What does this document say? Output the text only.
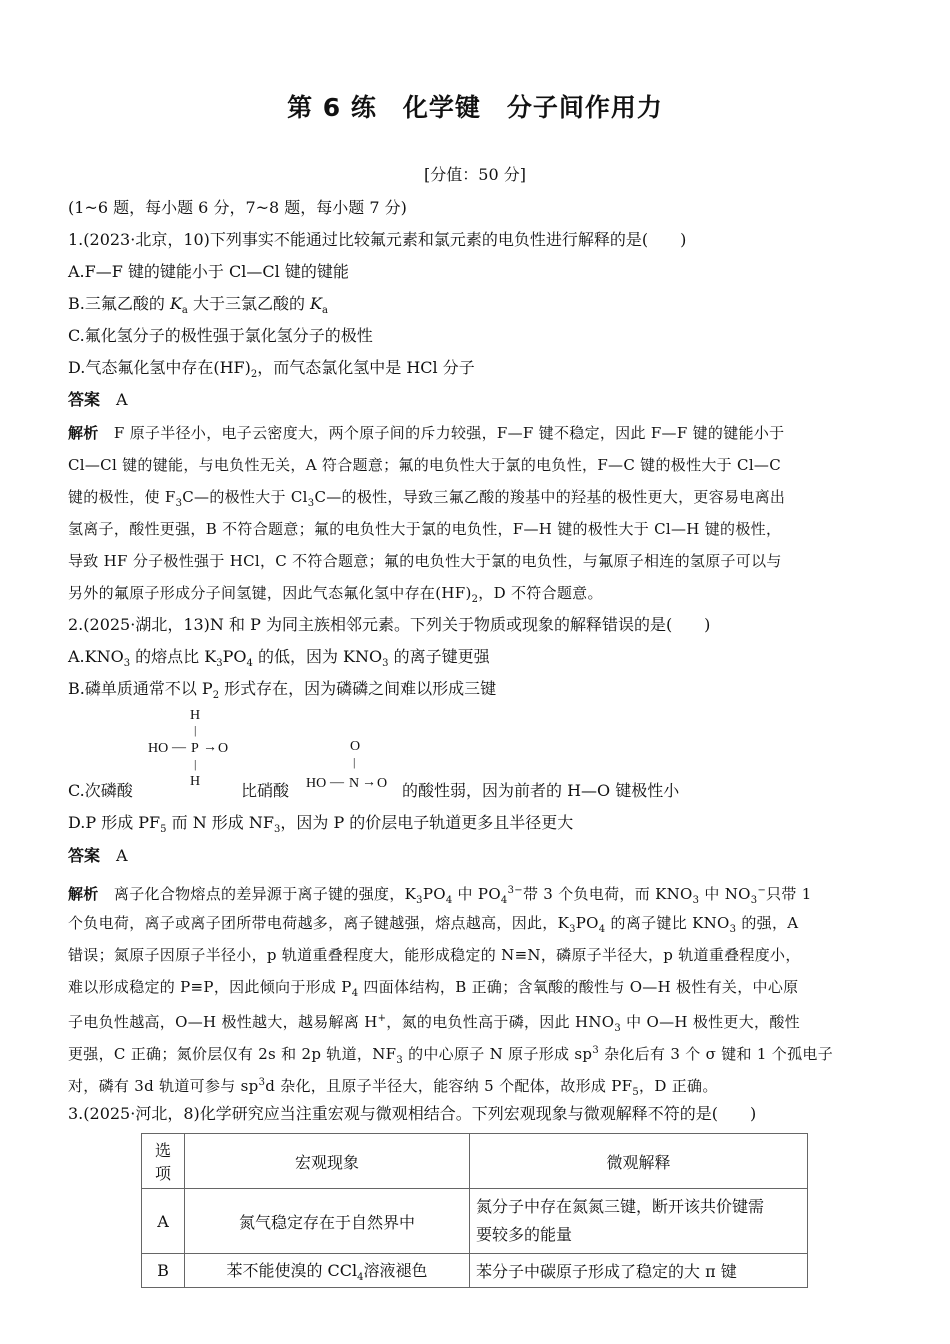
第 6 练　化学键　分子间作用力
[分值：50 分]
(1~6 题，每小题 6 分，7~8 题，每小题 7 分)
1.(2023·北京，10)下列事实不能通过比较氟元素和氯元素的电负性进行解释的是(　　)
A.F—F 键的键能小于 Cl—Cl 键的键能
B.三氟乙酸的 $K_a$ 大于三氯乙酸的 $K_a$
C.氟化氢分子的极性强于氯化氢分子的极性
D.气态氟化氢中存在$(HF)_2$，而气态氯化氢中是 HCl 分子
答案　 A
解析　 F 原子半径小，电子云密度大，两个原子间的斥力较强，F—F 键不稳定，因此 F—F 键的键能小于
Cl—Cl 键的键能，与电负性无关，A 符合题意；氟的电负性大于氯的电负性，F—C 键的极性大于 Cl—C
键的极性，使 $F_3C—$的极性大于 $Cl_3C—$的极性，导致三氟乙酸的羧基中的羟基的极性更大，更容易电离出
氢离子，酸性更强，B 不符合题意；氟的电负性大于氯的电负性，F—H 键的极性大于 Cl—H 键的极性，
导致 HF 分子极性强于 HCl，C 不符合题意；氟的电负性大于氯的电负性，与氟原子相连的氢原子可以与
另外的氟原子形成分子间氢键，因此气态氟化氢中存在$(HF)_2$，D 不符合题意。
2.(2025·湖北，13)N 和 P 为同主族相邻元素。下列关于物质或现象的解释错误的是(　　)
$A.KNO_3$ 的熔点比 $K_3PO_4$ 的低，因为 $KNO_3$ 的离子键更强
B.磷单质通常不以 $P_2$ 形式存在，因为磷磷之间难以形成三键
H
|
HO — P → O
|
H
O
|
HO — N → O
C.次磷酸	比硝酸	的酸性弱，因为前者的 H—O 键极性小
D.P 形成 $PF_5$ 而 N 形成 $NF_3$，因为 P 的价层电子轨道更多且半径更大
答案　 A
解析　 离子化合物熔点的差异源于离子键的强度，$K_3PO_4$ 中 $PO_4^{3-}$带 3 个负电荷，而 $KNO_3$ 中 $NO_3^-$只带 1
个负电荷，离子或离子团所带电荷越多，离子键越强，熔点越高，因此，$K_3PO_4$ 的离子键比 $KNO_3$ 的强，A
错误；氮原子因原子半径小，p 轨道重叠程度大，能形成稳定的 N≡N，磷原子半径大，p 轨道重叠程度小，
难以形成稳定的 P≡P，因此倾向于形成 $P_4$ 四面体结构，B 正确；含氧酸的酸性与 O—H 极性有关，中心原
子电负性越高，O—H 极性越大，越易解离 H+，氮的电负性高于磷，因此 $HNO_3$ 中 O—H 极性更大，酸性
更强，C 正确；氮价层仅有 2s 和 2p 轨道，$NF_3$ 的中心原子 N 原子形成 $sp^3$ 杂化后有 3 个 σ 键和 1 个孤电子
对，磷有 3d 轨道可参与 $sp^3d$ 杂化，且原子半径大，能容纳 5 个配体，故形成 $PF_5$，D 正确。
3.(2025·河北，8)化学研究应当注重宏观与微观相结合。下列宏观现象与微观解释不符的是(　　)
选项	宏观现象	微观解释
A	氮气稳定存在于自然界中	氮分子中存在氮氮三键，断开该共价键需
要较多的能量
B	苯不能使溴的 CCl$_4$溶液褪色	苯分子中碳原子形成了稳定的大 π 键
